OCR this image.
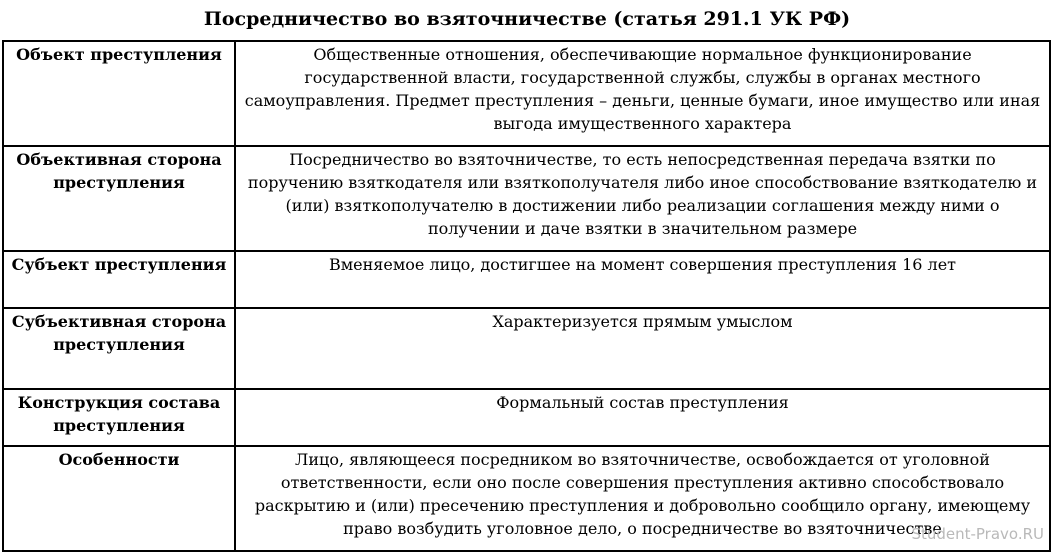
Посредничество во взяточничестве (статья 291.1 УК РФ)
Объект преступления	Общественные отношения, обеспечивающие нормальное функционирование государственной власти, государственной службы, службы в органах местного самоуправления. Предмет преступления – деньги, ценные бумаги, иное имущество или иная выгода имущественного характера
Объективная сторона преступления	Посредничество во взяточничестве, то есть непосредственная передача взятки по поручению взяткодателя или взяткополучателя либо иное способствование взяткодателю и (или) взяткополучателю в достижении либо реализации соглашения между ними о получении и даче взятки в значительном размере
Субъект преступления	Вменяемое лицо, достигшее на момент совершения преступления 16 лет
Субъективная сторона преступления	Характеризуется прямым умыслом
Конструкция состава преступления	Формальный состав преступления
Особенности	Лицо, являющееся посредником во взяточничестве, освобождается от уголовной ответственности, если оно после совершения преступления активно способствовало раскрытию и (или) пресечению преступления и добровольно сообщило органу, имеющему право возбудить уголовное дело, о посредничестве во взяточничестве
Student-Pravo.RU
